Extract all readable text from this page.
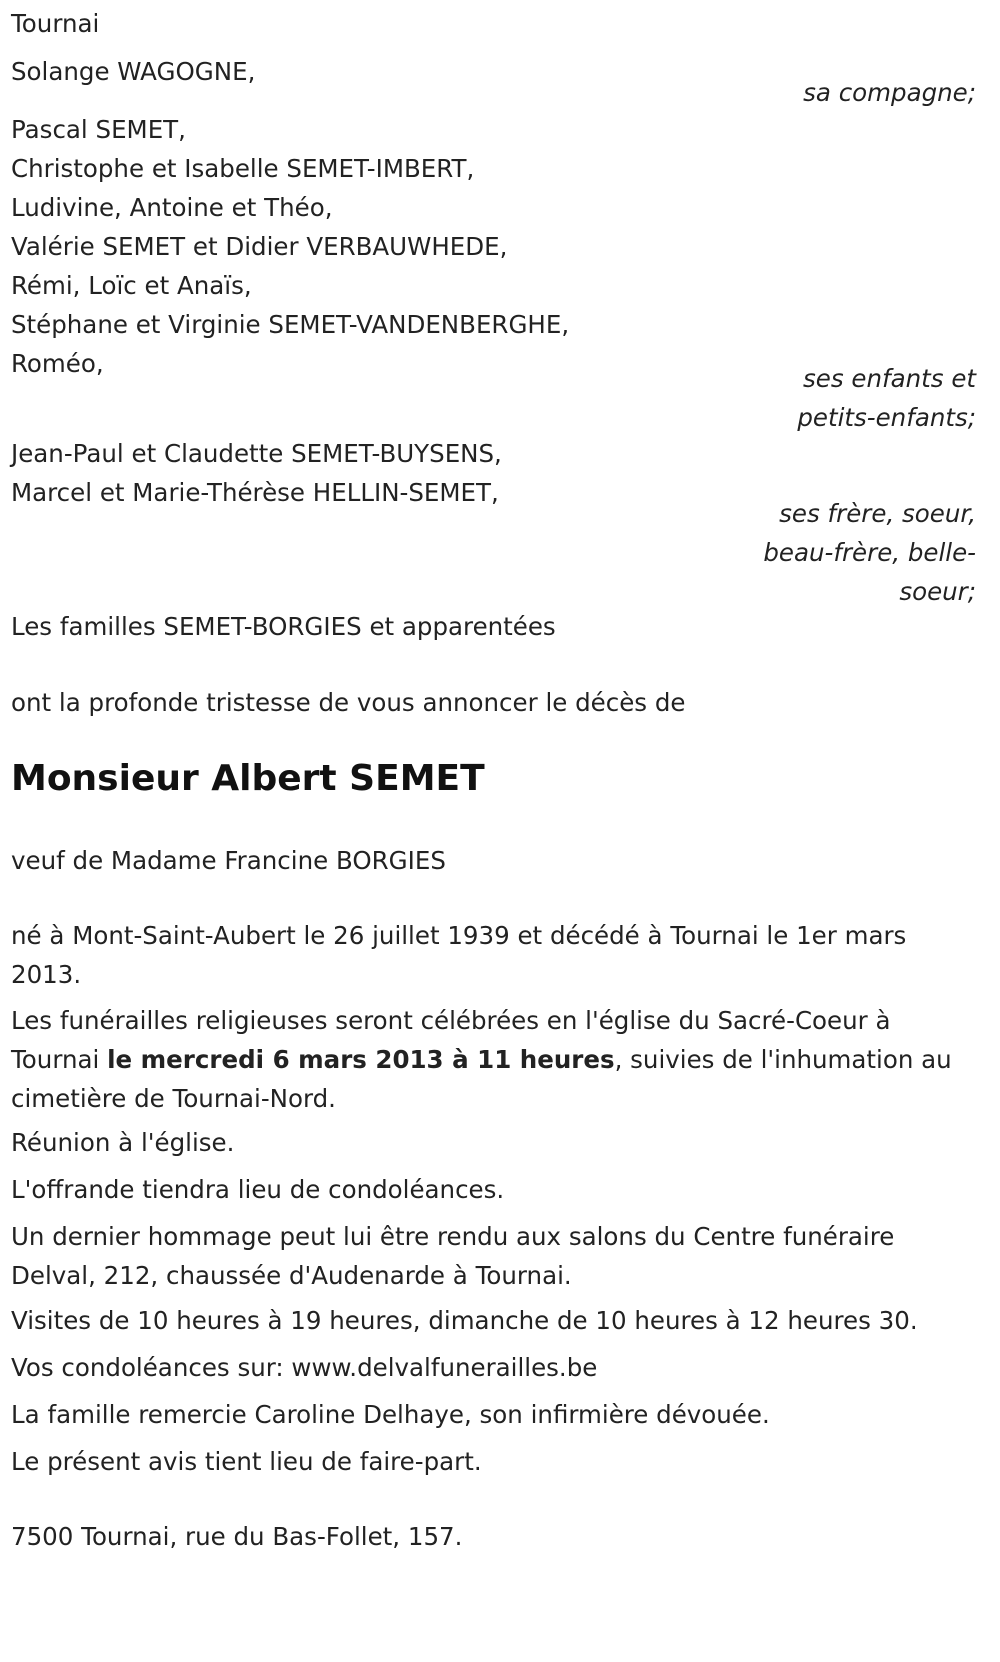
Tournai
Solange WAGOGNE,
sa compagne;
Pascal SEMET,
Christophe et Isabelle SEMET-IMBERT,
Ludivine, Antoine et Théo,
Valérie SEMET et Didier VERBAUWHEDE,
Rémi, Loïc et Anaïs,
Stéphane et Virginie SEMET-VANDENBERGHE,
Roméo,
ses enfants et
petits-enfants;
Jean-Paul et Claudette SEMET-BUYSENS,
Marcel et Marie-Thérèse HELLIN-SEMET,
ses frère, soeur,
beau-frère, belle-
soeur;
Les familles SEMET-BORGIES et apparentées
ont la profonde tristesse de vous annoncer le décès de
Monsieur Albert SEMET
veuf de Madame Francine BORGIES
né à Mont-Saint-Aubert le 26 juillet 1939 et décédé à Tournai le 1er mars
2013.
Les funérailles religieuses seront célébrées en l'église du Sacré-Coeur à
Tournai le mercredi 6 mars 2013 à 11 heures, suivies de l'inhumation au
cimetière de Tournai-Nord.
Réunion à l'église.
L'offrande tiendra lieu de condoléances.
Un dernier hommage peut lui être rendu aux salons du Centre funéraire
Delval, 212, chaussée d'Audenarde à Tournai.
Visites de 10 heures à 19 heures, dimanche de 10 heures à 12 heures 30.
Vos condoléances sur: www.delvalfunerailles.be
La famille remercie Caroline Delhaye, son infirmière dévouée.
Le présent avis tient lieu de faire-part.
7500 Tournai, rue du Bas-Follet, 157.
